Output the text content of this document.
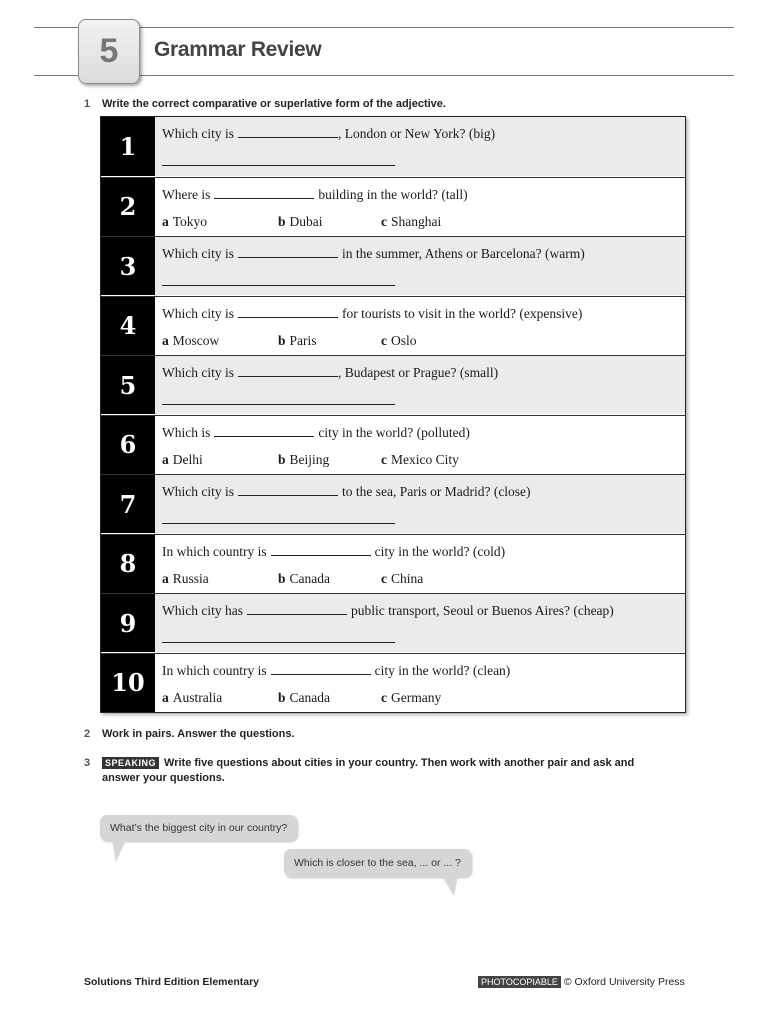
5	Grammar Review
1 Write the correct comparative or superlative form of the adjective.
1	Which city is	, London or New York? (big)
2	Where is	building in the world? (tall)
a Tokyo	b Dubai	c Shanghai
3	Which city is	in the summer, Athens or Barcelona? (warm)
4	Which city is	for tourists to visit in the world? (expensive)
a Moscow	b Paris	c Oslo
5	Which city is	, Budapest or Prague? (small)
6	Which is	city in the world? (polluted)
a Delhi	b Beijing	c Mexico City
7	Which city is	to the sea, Paris or Madrid? (close)
8	In which country is	city in the world? (cold)
a Russia	b Canada	c China
9	Which city has	public transport, Seoul or Buenos Aires? (cheap)
10	In which country is	city in the world? (clean)
a Australia	b Canada	c Germany
2 Work in pairs. Answer the questions.
3 SPEAKING Write five questions about cities in your country. Then work with another pair and ask and
answer your questions.
What’s the biggest city in our country?
Which is closer to the sea, ... or ... ?
Solutions Third Edition Elementary	PHOTOCOPIABLE © Oxford University Press
